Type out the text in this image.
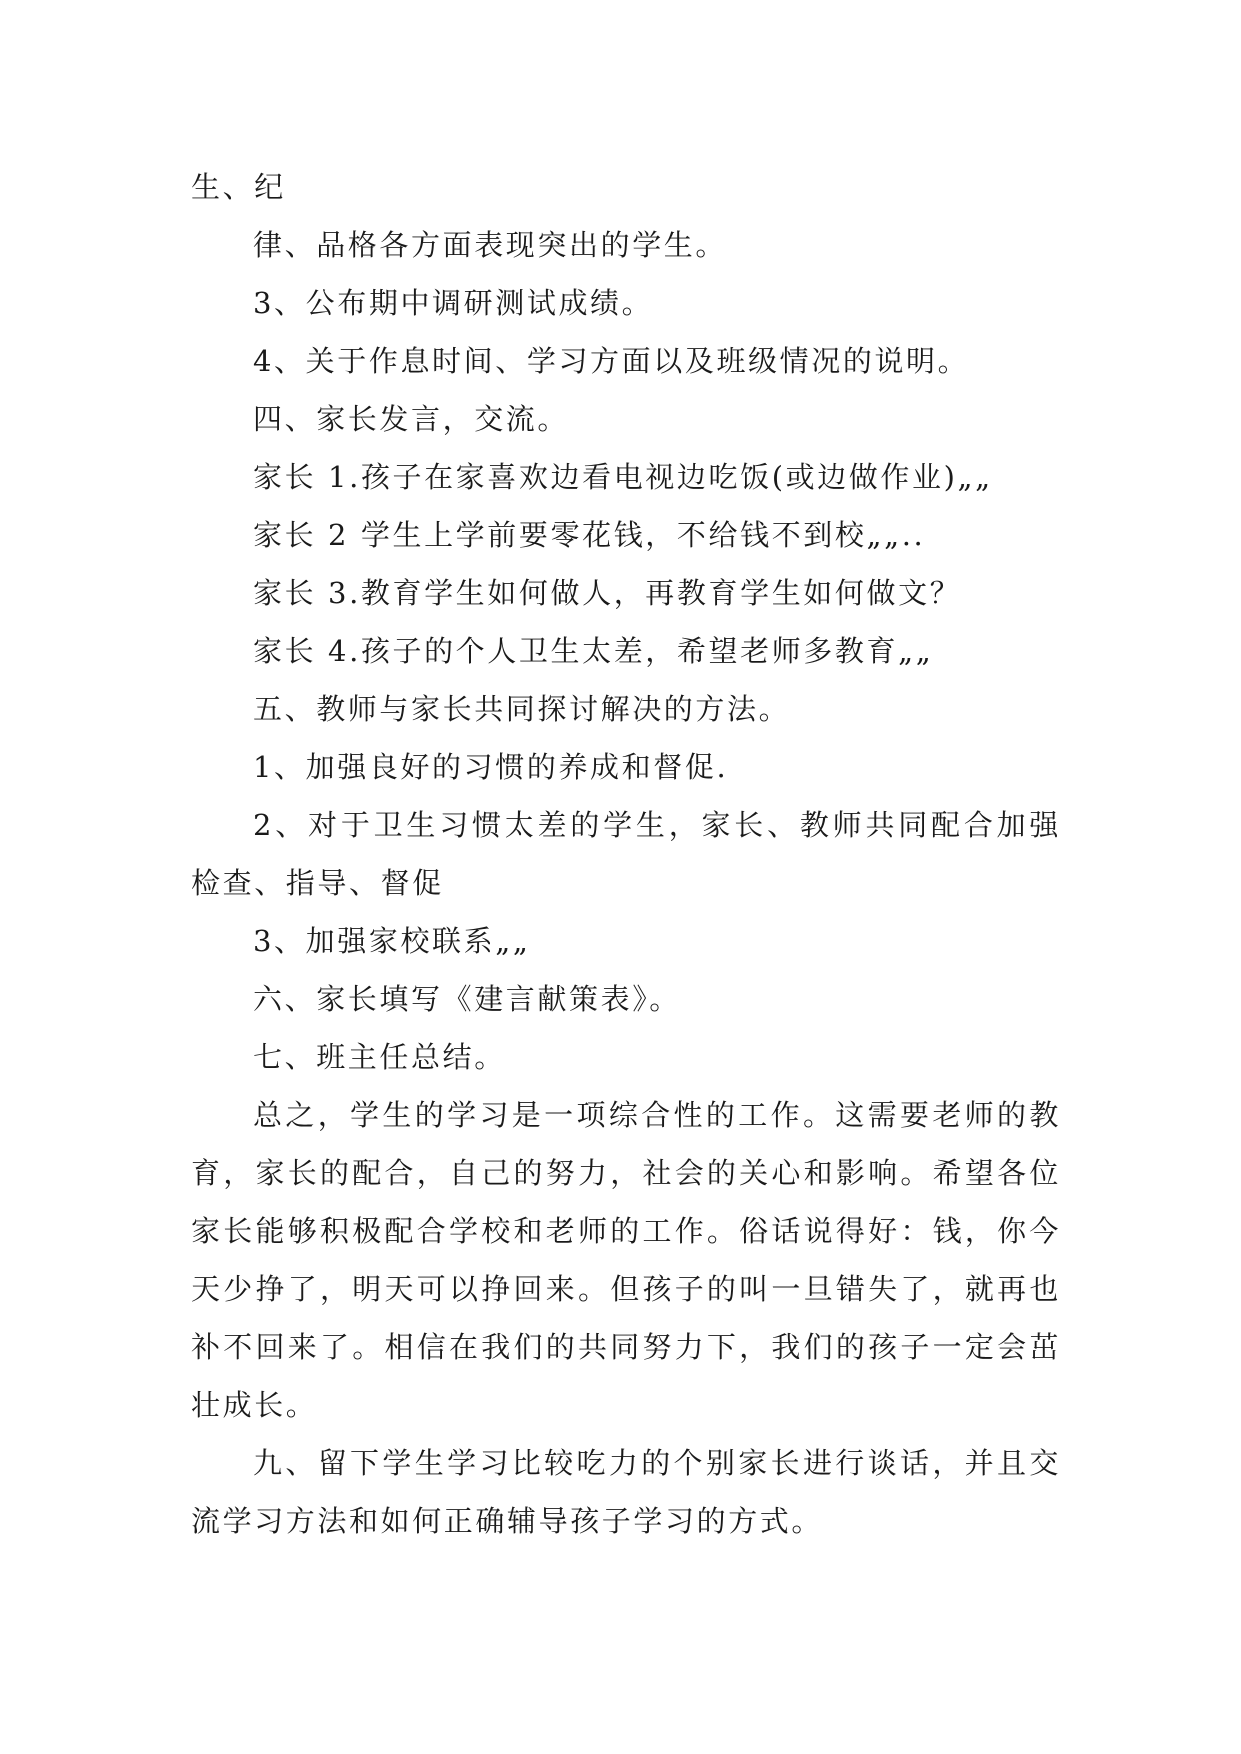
生、纪

律、品格各方面表现突出的学生。

3、公布期中调研测试成绩。

4、关于作息时间、学习方面以及班级情况的说明。

四、家长发言，交流。

家长 1.孩子在家喜欢边看电视边吃饭(或边做作业)„„

家长 2 学生上学前要零花钱，不给钱不到校„„..

家长 3.教育学生如何做人，再教育学生如何做文？

家长 4.孩子的个人卫生太差，希望老师多教育„„

五、教师与家长共同探讨解决的方法。

1、加强良好的习惯的养成和督促.

2、对于卫生习惯太差的学生，家长、教师共同配合加强检查、指导、督促

3、加强家校联系„„

六、家长填写《建言献策表》。

七、班主任总结。

总之，学生的学习是一项综合性的工作。这需要老师的教育，家长的配合，自己的努力，社会的关心和影响。希望各位家长能够积极配合学校和老师的工作。俗话说得好：钱，你今天少挣了，明天可以挣回来。但孩子的叫一旦错失了，就再也补不回来了。相信在我们的共同努力下，我们的孩子一定会茁壮成长。

九、留下学生学习比较吃力的个别家长进行谈话，并且交流学习方法和如何正确辅导孩子学习的方式。
